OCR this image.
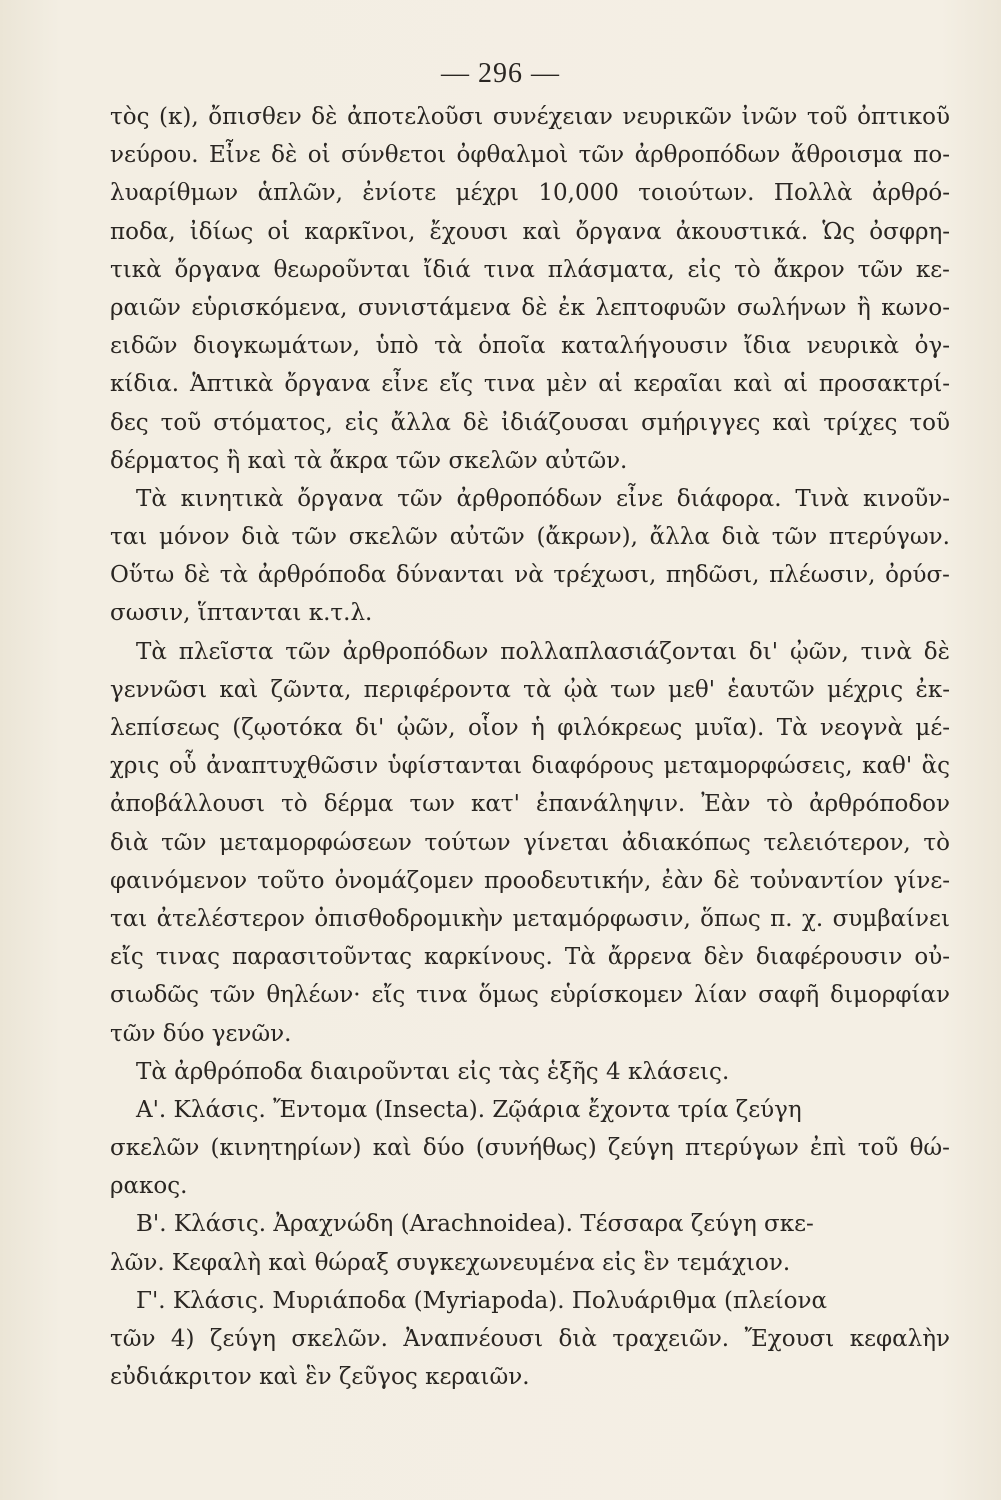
— 296 —
τὸς (κ), ὄπισθεν δὲ ἀποτελοῦσι συνέχειαν νευρικῶν ἰνῶν τοῦ ὀπτικοῦ
νεύρου. Εἶνε δὲ οἱ σύνθετοι ὀφθαλμοὶ τῶν ἀρθροπόδων ἄθροισμα πο-
λυαρίθμων ἁπλῶν, ἐνίοτε μέχρι 10,000 τοιούτων. Πολλὰ ἀρθρό-
ποδα, ἰδίως οἱ καρκῖνοι, ἔχουσι καὶ ὄργανα ἀκουστικά. Ὡς ὀσφρη-
τικὰ ὄργανα θεωροῦνται ἴδιά τινα πλάσματα, εἰς τὸ ἄκρον τῶν κε-
ραιῶν εὑρισκόμενα, συνιστάμενα δὲ ἐκ λεπτοφυῶν σωλήνων ἢ κωνο-
ειδῶν διογκωμάτων, ὑπὸ τὰ ὁποῖα καταλήγουσιν ἴδια νευρικὰ ὀγ-
κίδια. Ἁπτικὰ ὄργανα εἶνε εἴς τινα μὲν αἱ κεραῖαι καὶ αἱ προσακτρί-
δες τοῦ στόματος, εἰς ἄλλα δὲ ἰδιάζουσαι σμήριγγες καὶ τρίχες τοῦ
δέρματος ἢ καὶ τὰ ἄκρα τῶν σκελῶν αὐτῶν.
Τὰ κινητικὰ ὄργανα τῶν ἀρθροπόδων εἶνε διάφορα. Τινὰ κινοῦν-
ται μόνον διὰ τῶν σκελῶν αὐτῶν (ἄκρων), ἄλλα διὰ τῶν πτερύγων.
Οὕτω δὲ τὰ ἀρθρόποδα δύνανται νὰ τρέχωσι, πηδῶσι, πλέωσιν, ὀρύσ-
σωσιν, ἵπτανται κ.τ.λ.
Τὰ πλεῖστα τῶν ἀρθροπόδων πολλαπλασιάζονται δι' ᾠῶν, τινὰ δὲ
γεννῶσι καὶ ζῶντα, περιφέροντα τὰ ᾠὰ των μεθ' ἑαυτῶν μέχρις ἐκ-
λεπίσεως (ζῳοτόκα δι' ᾠῶν, οἷον ἡ φιλόκρεως μυῖα). Τὰ νεογνὰ μέ-
χρις οὗ ἀναπτυχθῶσιν ὑφίστανται διαφόρους μεταμορφώσεις, καθ' ἃς
ἀποβάλλουσι τὸ δέρμα των κατ' ἐπανάληψιν. Ἐὰν τὸ ἀρθρόποδον
διὰ τῶν μεταμορφώσεων τούτων γίνεται ἀδιακόπως τελειότερον, τὸ
φαινόμενον τοῦτο ὀνομάζομεν προοδευτικήν, ἐὰν δὲ τοὐναντίον γίνε-
ται ἀτελέστερον ὀπισθοδρομικὴν μεταμόρφωσιν, ὅπως π. χ. συμβαίνει
εἴς τινας παρασιτοῦντας καρκίνους. Τὰ ἄρρενα δὲν διαφέρουσιν οὐ-
σιωδῶς τῶν θηλέων· εἴς τινα ὅμως εὑρίσκομεν λίαν σαφῆ διμορφίαν
τῶν δύο γενῶν.
Τὰ ἀρθρόποδα διαιροῦνται εἰς τὰς ἑξῆς 4 κλάσεις.
Α'. Κλάσις. Ἔντομα (Insecta). Ζῷάρια ἔχοντα τρία ζεύγη
σκελῶν (κινητηρίων) καὶ δύο (συνήθως) ζεύγη πτερύγων ἐπὶ τοῦ θώ-
ρακος.
Β'. Κλάσις. Ἀραχνώδη (Arachnoidea). Τέσσαρα ζεύγη σκε-
λῶν. Κεφαλὴ καὶ θώραξ συγκεχωνευμένα εἰς ἓν τεμάχιον.
Γ'. Κλάσις. Μυριάποδα (Myriapoda). Πολυάριθμα (πλείονα
τῶν 4) ζεύγη σκελῶν. Ἀναπνέουσι διὰ τραχειῶν. Ἔχουσι κεφαλὴν
εὐδιάκριτον καὶ ἓν ζεῦγος κεραιῶν.
